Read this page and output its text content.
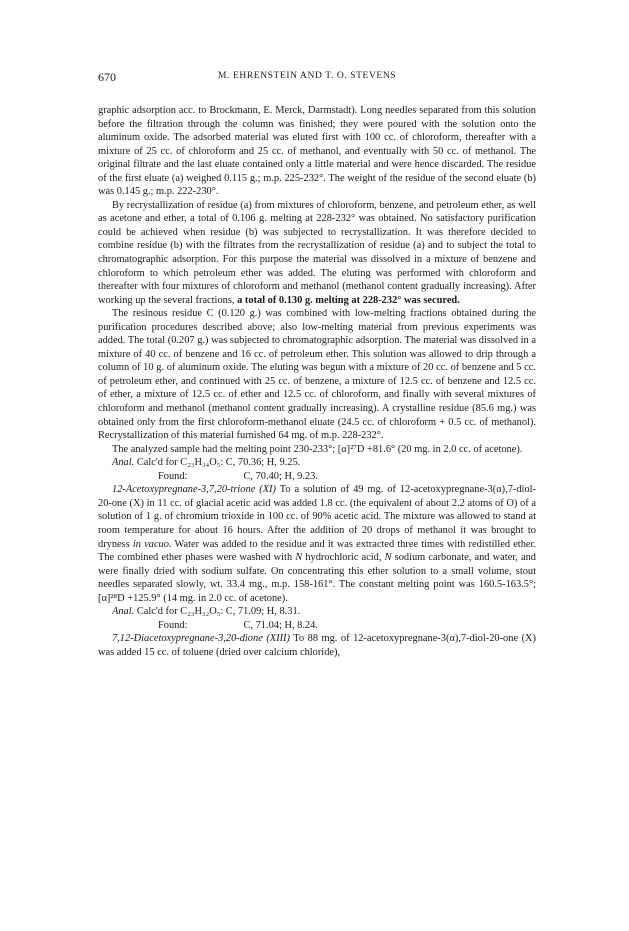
670	M. EHRENSTEIN AND T. O. STEVENS

graphic adsorption acc. to Brockmann, E. Merck, Darmstadt). Long needles separated from this solution before the filtration through the column was finished; they were poured with the solution onto the aluminum oxide. The adsorbed material was eluted first with 100 cc. of chloroform, thereafter with a mixture of 25 cc. of chloroform and 25 cc. of methanol, and eventually with 50 cc. of methanol. The original filtrate and the last eluate contained only a little material and were hence discarded. The residue of the first eluate (a) weighed 0.115 g.; m.p. 225-232°. The weight of the residue of the second eluate (b) was 0.145 g.; m.p. 222-230°.

By recrystallization of residue (a) from mixtures of chloroform, benzene, and petroleum ether, as well as acetone and ether, a total of 0.106 g. melting at 228-232° was obtained. No satisfactory purification could be achieved when residue (b) was subjected to recrystallization. It was therefore decided to combine residue (b) with the filtrates from the recrystallization of residue (a) and to subject the total to chromatographic adsorption. For this purpose the material was dissolved in a mixture of benzene and chloroform to which petroleum ether was added. The eluting was performed with chloroform and thereafter with four mixtures of chloroform and methanol (methanol content gradually increasing). After working up the several fractions, a total of 0.130 g. melting at 228-232° was secured.

The resinous residue C (0.120 g.) was combined with low-melting fractions obtained during the purification procedures described above; also low-melting material from previous experiments was added. The total (0.207 g.) was subjected to chromatographic adsorption. The material was dissolved in a mixture of 40 cc. of benzene and 16 cc. of petroleum ether. This solution was allowed to drip through a column of 10 g. of aluminum oxide. The eluting was begun with a mixture of 20 cc. of benzene and 5 cc. of petroleum ether, and continued with 25 cc. of benzene, a mixture of 12.5 cc. of benzene and 12.5 cc. of ether, a mixture of 12.5 cc. of ether and 12.5 cc. of chloroform, and finally with several mixtures of chloroform and methanol (methanol content gradually increasing). A crystalline residue (85.6 mg.) was obtained only from the first chloroform-methanol eluate (24.5 cc. of chloroform + 0.5 cc. of methanol). Recrystallization of this material furnished 64 mg. of m.p. 228-232°.

The analyzed sample had the melting point 230-233°; [α]²⁷D +81.6° (20 mg. in 2.0 cc. of acetone).

Anal. Calc'd for C₂₃H₃₄O₅: C, 70.36; H, 9.25.

Found:	C, 70.40; H, 9.23.

12-Acetoxypregnane-3,7,20-trione (XI) To a solution of 49 mg. of 12-acetoxypregnane-3(α),7-diol-20-one (X) in 11 cc. of glacial acetic acid was added 1.8 cc. (the equivalent of about 2.2 atoms of O) of a solution of 1 g. of chromium trioxide in 100 cc. of 90% acetic acid. The mixture was allowed to stand at room temperature for about 16 hours. After the addition of 20 drops of methanol it was brought to dryness in vacuo. Water was added to the residue and it was extracted three times with redistilled ether. The combined ether phases were washed with N hydrochloric acid, N sodium carbonate, and water, and were finally dried with sodium sulfate. On concentrating this ether solution to a small volume, stout needles separated slowly, wt. 33.4 mg., m.p. 158-161°. The constant melting point was 160.5-163.5°; [α]²⁸D +125.9° (14 mg. in 2.0 cc. of acetone).

Anal. Calc'd for C₂₃H₃₂O₅: C, 71.09; H, 8.31.

Found:	C, 71.04; H, 8.24.

7,12-Diacetoxypregnane-3,20-dione (XIII) To 88 mg. of 12-acetoxypregnane-3(α),7-diol-20-one (X) was added 15 cc. of toluene (dried over calcium chloride),
